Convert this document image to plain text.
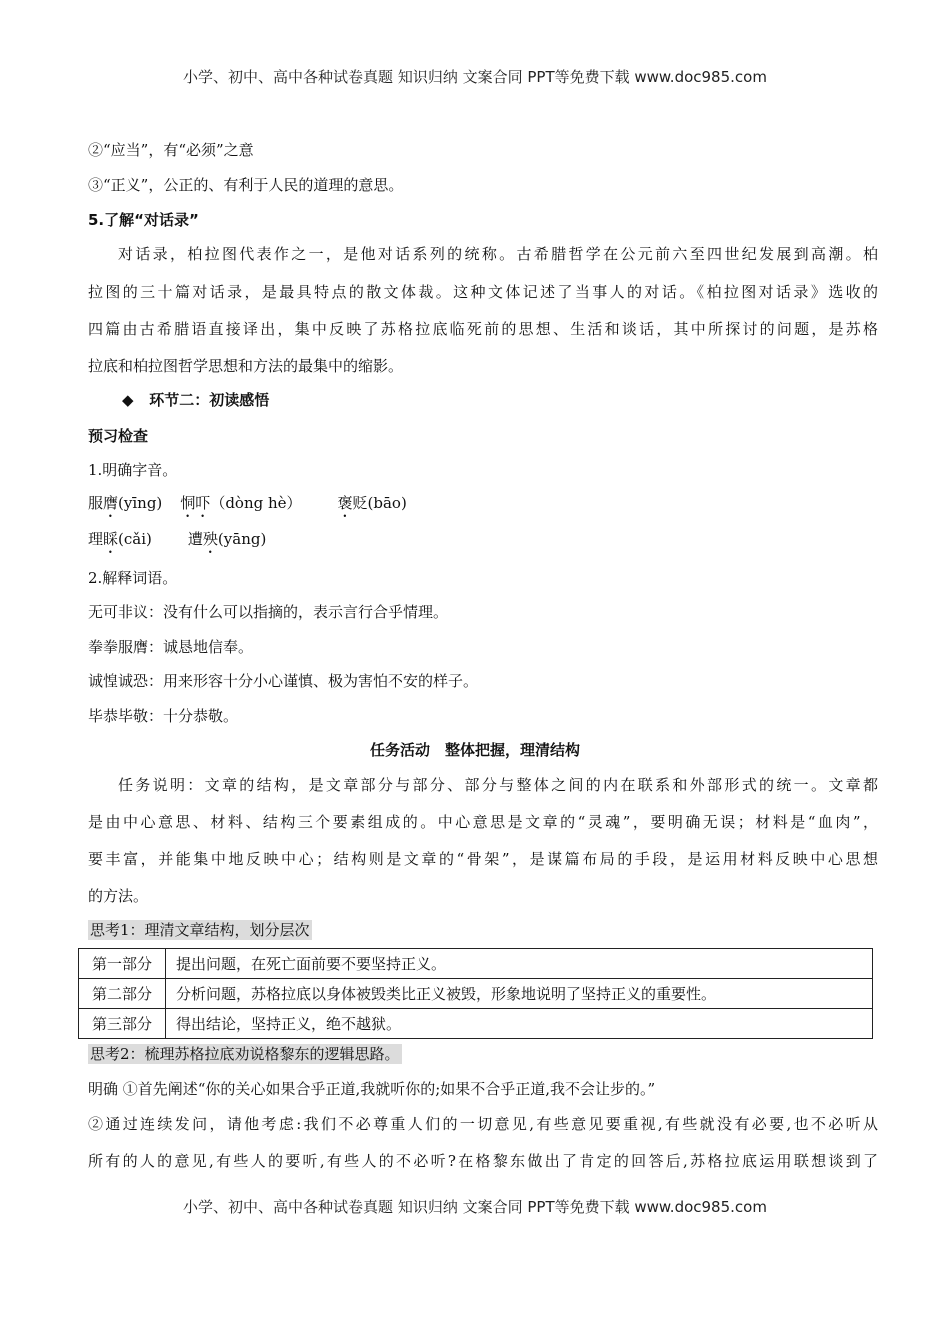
小学、初中、高中各种试卷真题 知识归纳 文案合同 PPT等免费下载 www.doc985.com
②“应当”，有“必须”之意
③“正义”，公正的、有利于人民的道理的意思。
5.了解“对话录”
对话录，柏拉图代表作之一，是他对话系列的统称。古希腊哲学在公元前六至四世纪发展到高潮。柏
拉图的三十篇对话录，是最具特点的散文体裁。这种文体记述了当事人的对话。《柏拉图对话录》选收的
四篇由古希腊语直接译出，集中反映了苏格拉底临死前的思想、生活和谈话，其中所探讨的问题，是苏格
拉底和柏拉图哲学思想和方法的最集中的缩影。
◆ 环节二：初读感悟
预习检查
1.明确字音。
服膺(yīng) 恫吓（dòng hè） 褒贬(bāo)
理睬(cǎi) 遭殃(yāng)
2.解释词语。
无可非议：没有什么可以指摘的，表示言行合乎情理。
拳拳服膺：诚恳地信奉。
诚惶诚恐：用来形容十分小心谨慎、极为害怕不安的样子。
毕恭毕敬：十分恭敬。
任务活动　整体把握，理清结构
任务说明：文章的结构，是文章部分与部分、部分与整体之间的内在联系和外部形式的统一。文章都
是由中心意思、材料、结构三个要素组成的。中心意思是文章的“灵魂”，要明确无误；材料是“血肉”，
要丰富，并能集中地反映中心；结构则是文章的“骨架”，是谋篇布局的手段，是运用材料反映中心思想
的方法。
思考1：理清文章结构，划分层次
第一部分	提出问题，在死亡面前要不要坚持正义。
第二部分	分析问题，苏格拉底以身体被毁类比正义被毁，形象地说明了坚持正义的重要性。
第三部分	得出结论，坚持正义，绝不越狱。
思考2：梳理苏格拉底劝说格黎东的逻辑思路。
明确 ①首先阐述“你的关心如果合乎正道,我就听你的;如果不合乎正道,我不会让步的。”
②通过连续发问，请他考虑:我们不必尊重人们的一切意见,有些意见要重视,有些就没有必要,也不必听从
所有的人的意见,有些人的要听,有些人的不必听?在格黎东做出了肯定的回答后,苏格拉底运用联想谈到了
小学、初中、高中各种试卷真题 知识归纳 文案合同 PPT等免费下载 www.doc985.com
